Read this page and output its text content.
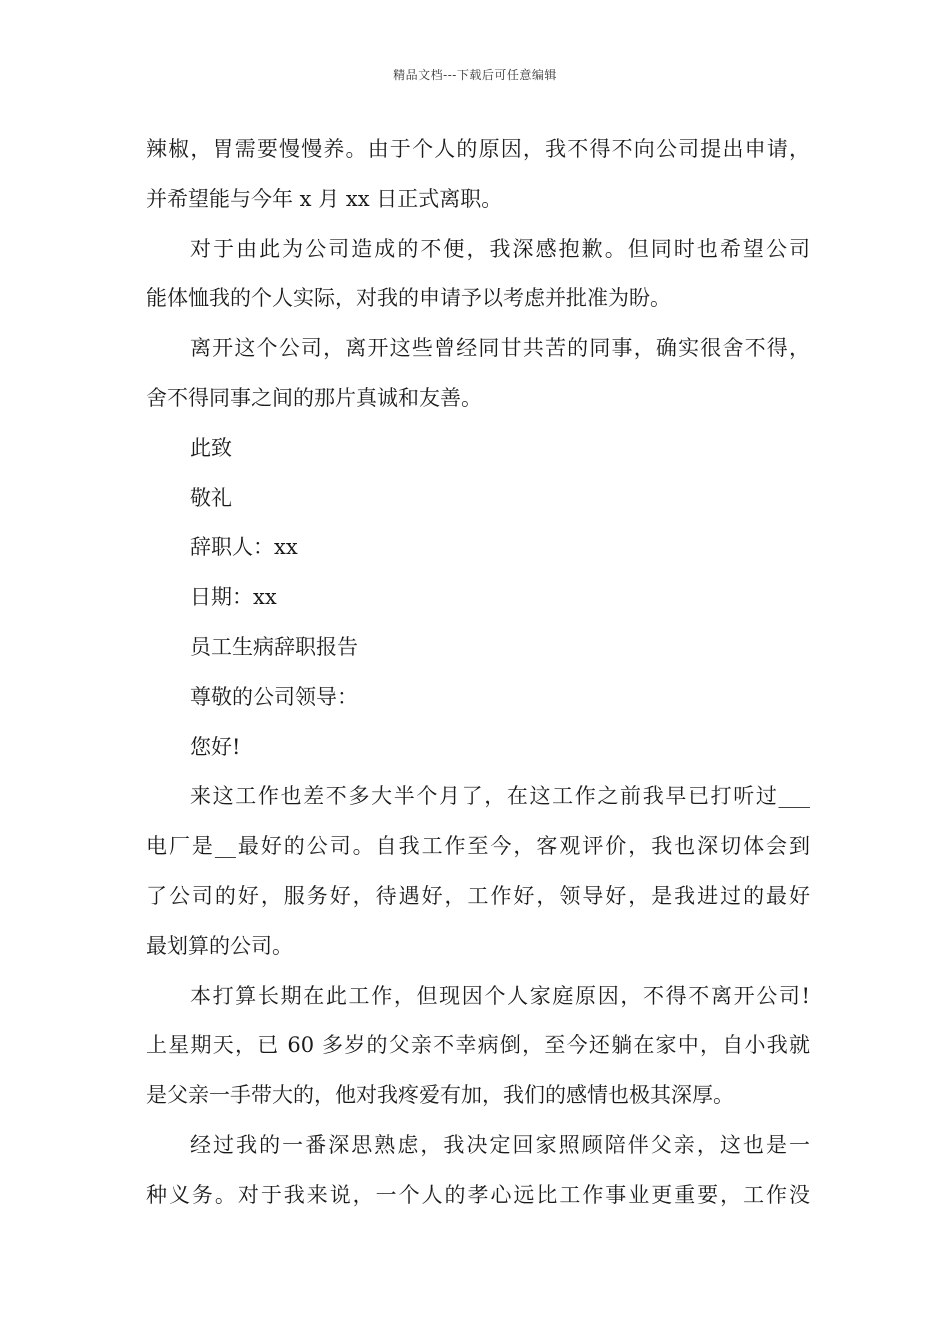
精品文档---下载后可任意编辑
辣椒，胃需要慢慢养。由于个人的原因，我不得不向公司提出申请，
并希望能与今年 x 月 xx 日正式离职。
对于由此为公司造成的不便，我深感抱歉。但同时也希望公司
能体恤我的个人实际，对我的申请予以考虑并批准为盼。
离开这个公司，离开这些曾经同甘共苦的同事，确实很舍不得，
舍不得同事之间的那片真诚和友善。
此致
敬礼
辞职人：xx
日期：xx
员工生病辞职报告
尊敬的公司领导：
您好!
来这工作也差不多大半个月了，在这工作之前我早已打听过___
电厂是__最好的公司。自我工作至今，客观评价，我也深切体会到
了公司的好，服务好，待遇好，工作好，领导好，是我进过的最好
最划算的公司。
本打算长期在此工作，但现因个人家庭原因，不得不离开公司!
上星期天，已 60 多岁的父亲不幸病倒，至今还躺在家中，自小我就
是父亲一手带大的，他对我疼爱有加，我们的感情也极其深厚。
经过我的一番深思熟虑，我决定回家照顾陪伴父亲，这也是一
种义务。对于我来说，一个人的孝心远比工作事业更重要，工作没
